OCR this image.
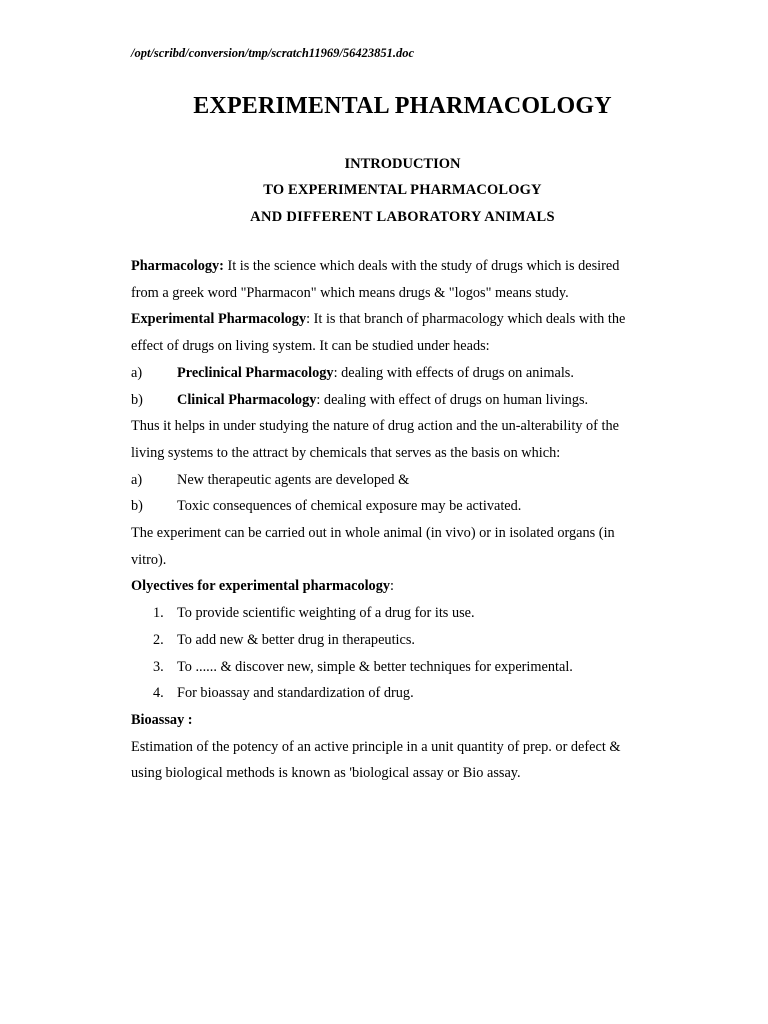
/opt/scribd/conversion/tmp/scratch11969/56423851.doc
EXPERIMENTAL PHARMACOLOGY
INTRODUCTION
TO EXPERIMENTAL PHARMACOLOGY
AND DIFFERENT LABORATORY ANIMALS

Pharmacology: It is the science which deals with the study of drugs which is desired

from a greek word "Pharmacon" which means drugs & "logos" means study.

Experimental Pharmacology: It is that branch of pharmacology which deals with the

effect of drugs on living system. It can be studied under heads:

a) Preclinical Pharmacology: dealing with effects of drugs on animals.

b) Clinical Pharmacology: dealing with effect of drugs on human livings.

Thus it helps in under studying the nature of drug action and the un-alterability of the

living systems to the attract by chemicals that serves as the basis on which:

a) New therapeutic agents are developed &

b) Toxic consequences of chemical exposure may be activated.

The experiment can be carried out in whole animal (in vivo) or in isolated organs (in

vitro).

Olyectives for experimental pharmacology:

1. To provide scientific weighting of a drug for its use.

2. To add new & better drug in therapeutics.

3. To ...... & discover new, simple & better techniques for experimental.

4. For bioassay and standardization of drug.

Bioassay :

Estimation of the potency of an active principle in a unit quantity of prep. or defect &

using biological methods is known as 'biological assay or Bio assay.
